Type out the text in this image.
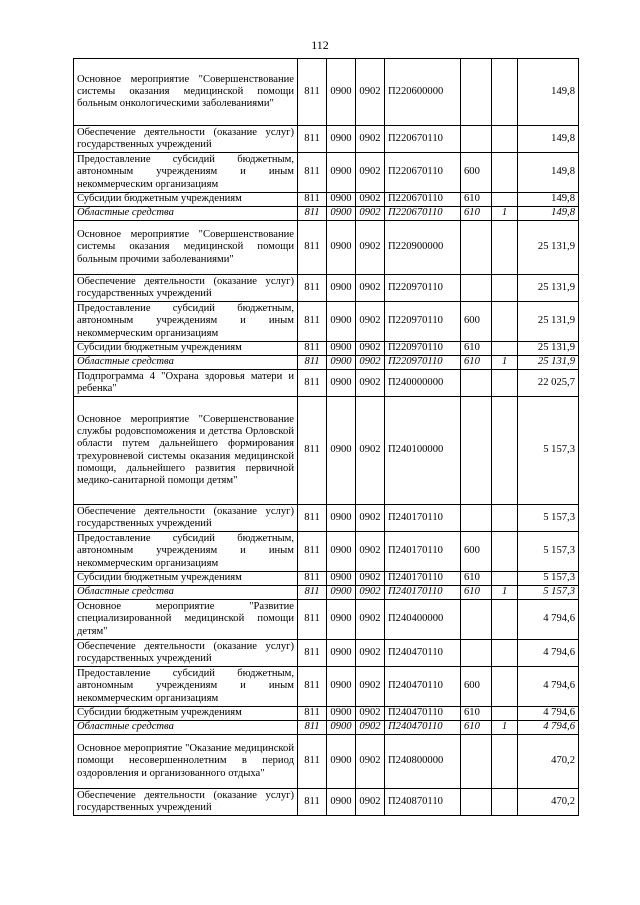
112
Основное мероприятие "Совершенствование системы оказания медицинской помощи больным онкологическими заболеваниями"	811	0900	0902	П220600000			149,8
Обеспечение деятельности (оказание услуг) государственных учреждений	811	0900	0902	П220670110			149,8
Предоставление субсидий бюджетным, автономным учреждениям и иным некоммерческим организациям	811	0900	0902	П220670110	600		149,8
Субсидии бюджетным учреждениям	811	0900	0902	П220670110	610		149,8
Областные средства	811	0900	0902	П220670110	610	1	149,8
Основное мероприятие "Совершенствование системы оказания медицинской помощи больным прочими заболеваниями"	811	0900	0902	П220900000			25 131,9
Обеспечение деятельности (оказание услуг) государственных учреждений	811	0900	0902	П220970110			25 131,9
Предоставление субсидий бюджетным, автономным учреждениям и иным некоммерческим организациям	811	0900	0902	П220970110	600		25 131,9
Субсидии бюджетным учреждениям	811	0900	0902	П220970110	610		25 131,9
Областные средства	811	0900	0902	П220970110	610	1	25 131,9
Подпрограмма 4 "Охрана здоровья матери и ребенка"	811	0900	0902	П240000000			22 025,7
Основное мероприятие "Совершенствование службы родовспоможения и детства Орловской области путем дальнейшего формирования трехуровневой системы оказания медицинской помощи, дальнейшего развития первичной медико-санитарной помощи детям"	811	0900	0902	П240100000			5 157,3
Обеспечение деятельности (оказание услуг) государственных учреждений	811	0900	0902	П240170110			5 157,3
Предоставление субсидий бюджетным, автономным учреждениям и иным некоммерческим организациям	811	0900	0902	П240170110	600		5 157,3
Субсидии бюджетным учреждениям	811	0900	0902	П240170110	610		5 157,3
Областные средства	811	0900	0902	П240170110	610	1	5 157,3
Основное мероприятие "Развитие специализированной медицинской помощи детям"	811	0900	0902	П240400000			4 794,6
Обеспечение деятельности (оказание услуг) государственных учреждений	811	0900	0902	П240470110			4 794,6
Предоставление субсидий бюджетным, автономным учреждениям и иным некоммерческим организациям	811	0900	0902	П240470110	600		4 794,6
Субсидии бюджетным учреждениям	811	0900	0902	П240470110	610		4 794,6
Областные средства	811	0900	0902	П240470110	610	1	4 794,6
Основное мероприятие "Оказание медицинской помощи несовершеннолетним в период оздоровления и организованного отдыха"	811	0900	0902	П240800000			470,2
Обеспечение деятельности (оказание услуг) государственных учреждений	811	0900	0902	П240870110			470,2
